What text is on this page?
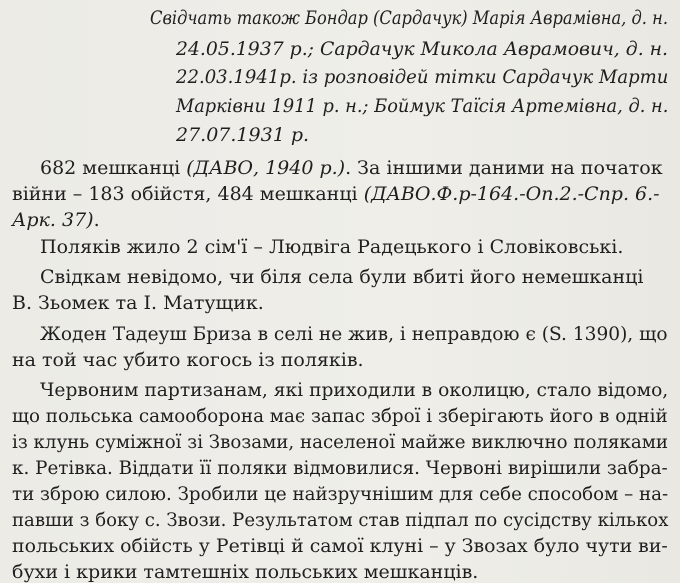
Свідчать також Бондар (Сардачук) Марія Аврамівна, д. н.
24.05.1937 р.; Сардачук Микола Аврамович, д. н.
22.03.1941р. із розповідей тітки Сардачук Марти
Марківни 1911 р. н.; Боймук Таїсія Артемівна, д. н.
27.07.1931 р.
682 мешканці (ДАВО, 1940 р.). За іншими даними на початок
війни – 183 обійстя, 484 мешканці (ДАВО.Ф.р-164.-Оп.2.-Спр. 6.-
Арк. 37).
Поляків жило 2 сім'ї – Людвіга Радецького і Словіковські.
Свідкам невідомо, чи біля села були вбиті його немешканці
В. Зьомек та І. Матущик.
Жоден Тадеуш Бриза в селі не жив, і неправдою є (S. 1390), що
на той час убито когось із поляків.
Червоним партизанам, які приходили в околицю, стало відомо,
що польська самооборона має запас зброї і зберігають його в одній
із клунь суміжної зі Звозами, населеної майже виключно поляками
к. Ретівка. Віддати її поляки відмовилися. Червоні вирішили забра-
ти зброю силою. Зробили це найзручнішим для себе способом – на-
павши з боку с. Звози. Результатом став підпал по сусідству кількох
польських обійсть у Ретівці й самої клуні – у Звозах було чути ви-
бухи і крики тамтешніх польських мешканців.
